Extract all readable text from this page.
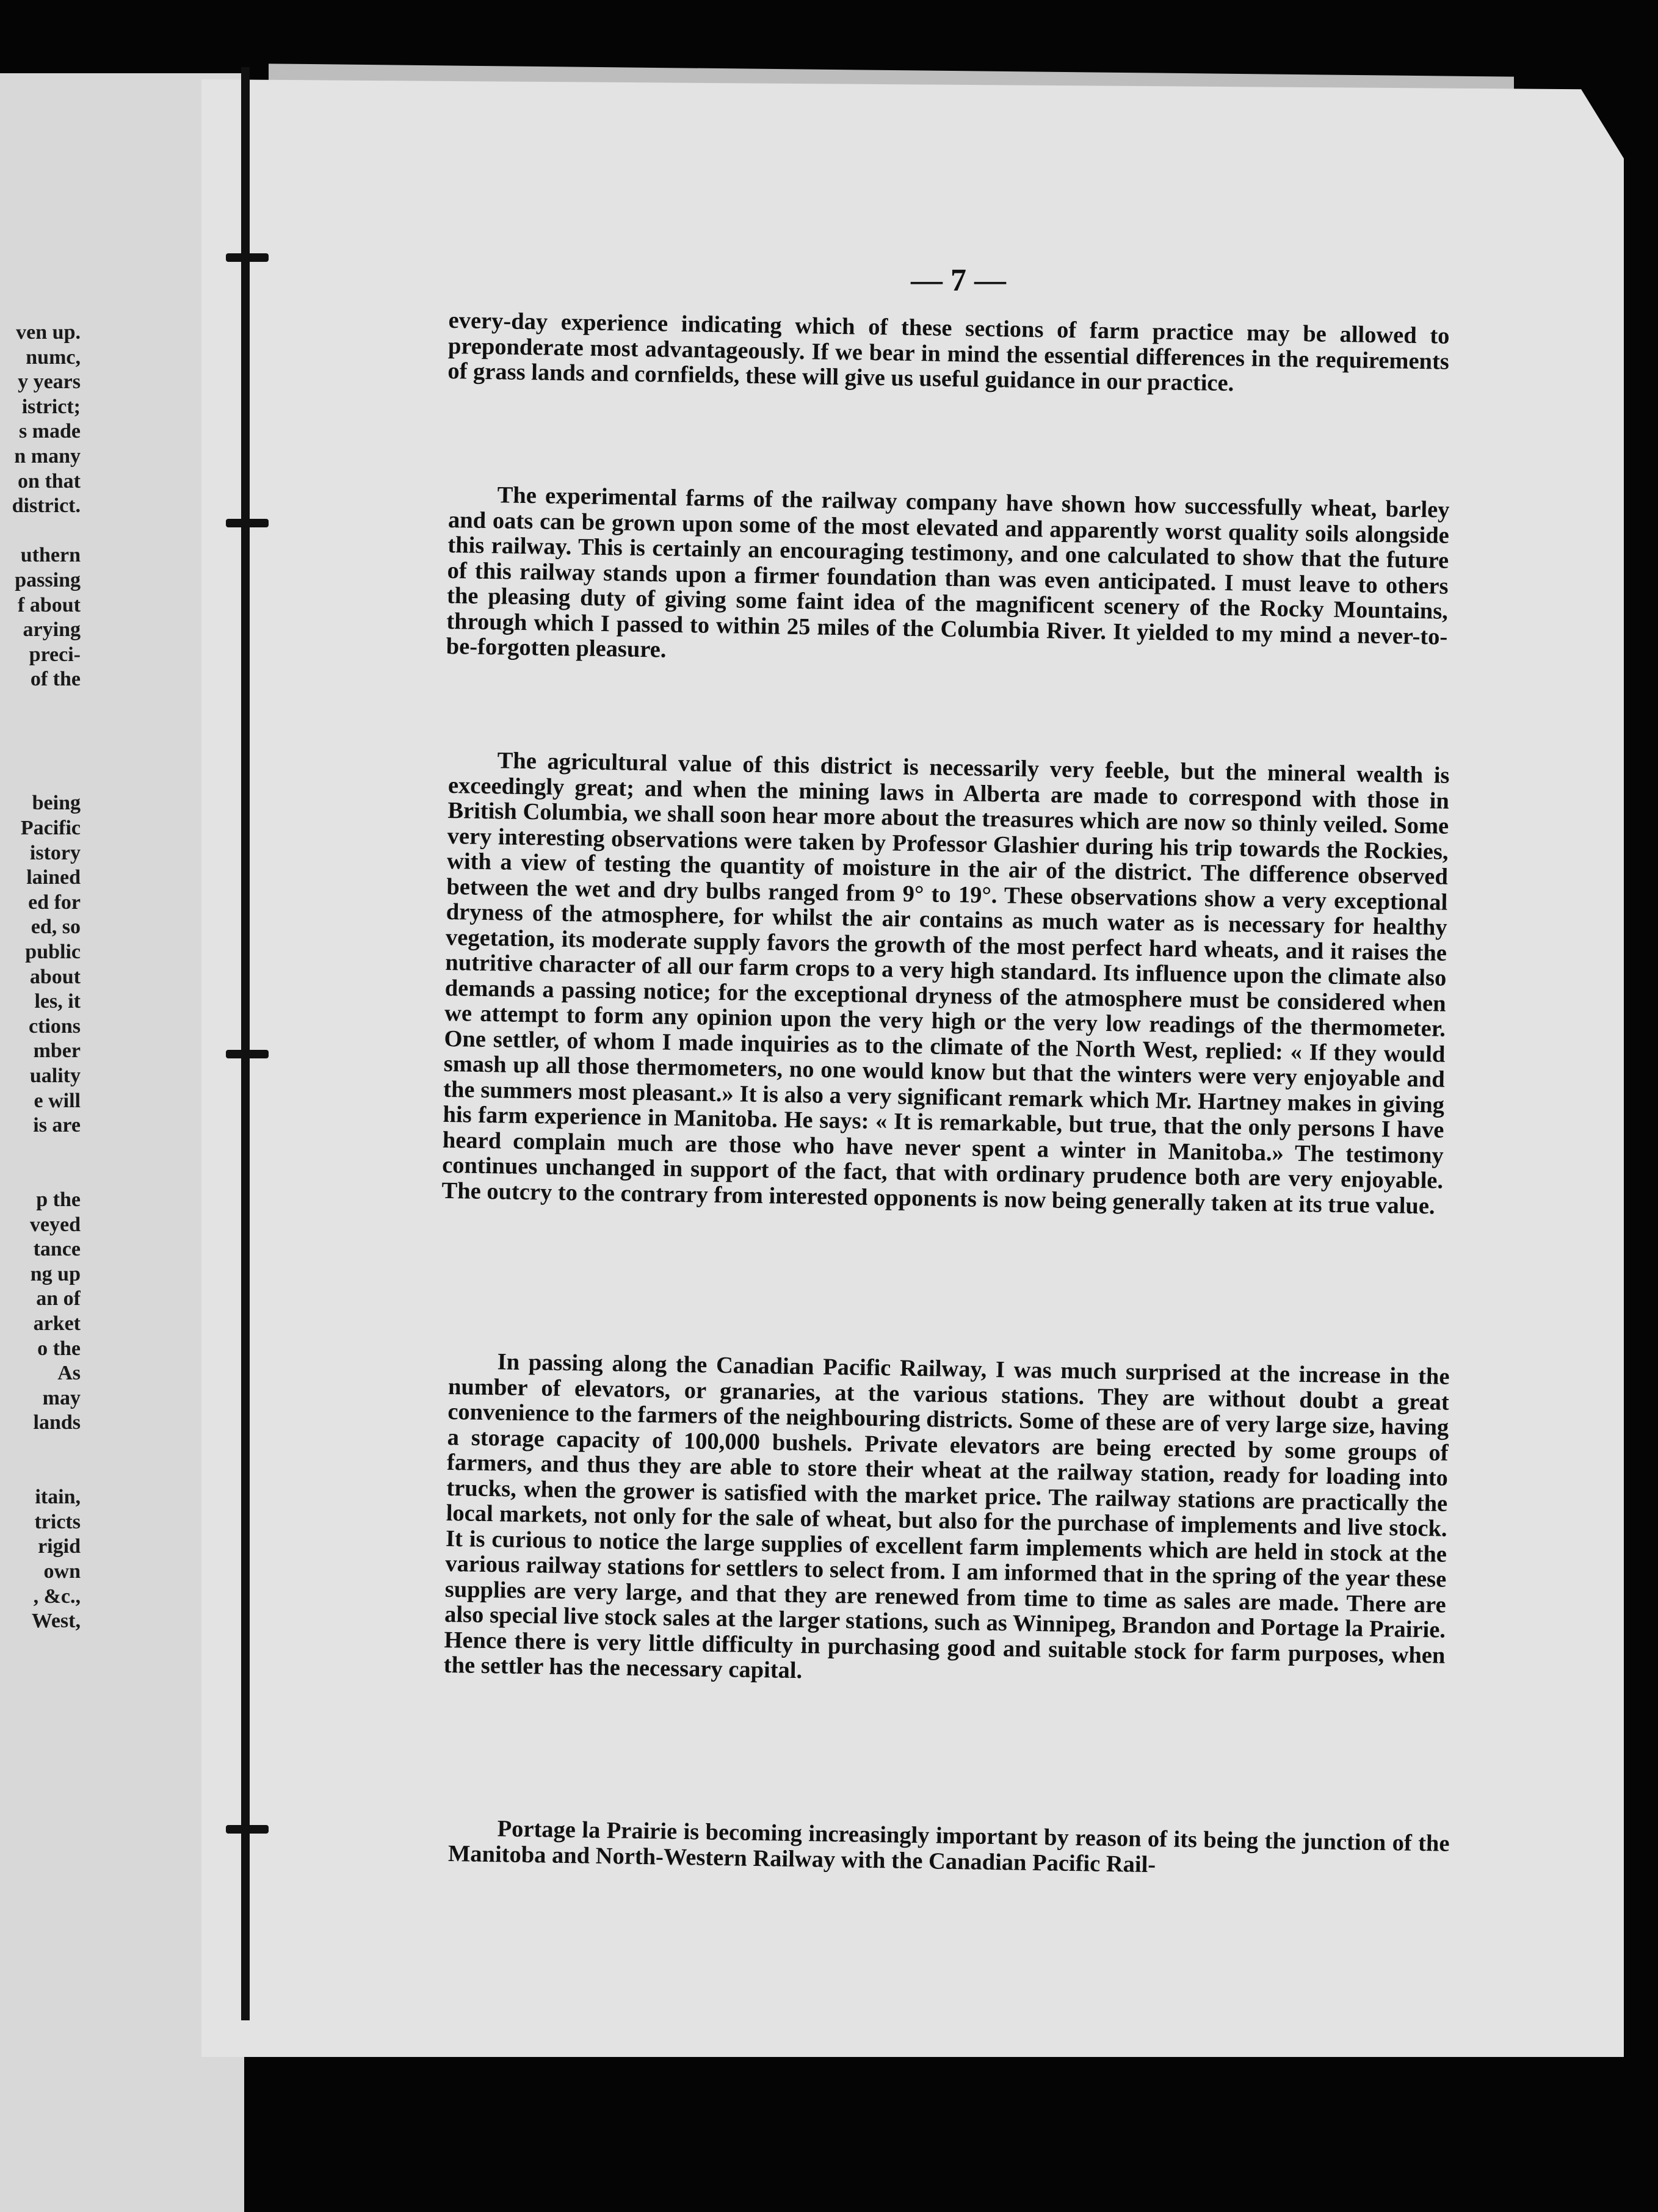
ven up.
numc,
y years
istrict;
s made
n many
on that
district.
uthern
passing
f about
arying
preci-
of the
being
Pacific
istory
lained
ed for
ed, so
public
about
les, it
ctions
mber
uality
e will
is are
p the
veyed
tance
ng up
an of
arket
o the
As
may
lands
itain,
tricts
rigid
own
, &c.,
West,
— 7 —

every-day experience indicating which of these sections of farm practice may be allowed to preponderate most advantageously. If we bear in mind the essential differences in the requirements of grass lands and cornfields, these will give us useful guidance in our practice.

The experimental farms of the railway company have shown how successfully wheat, barley and oats can be grown upon some of the most elevated and apparently worst quality soils alongside this railway. This is certainly an encouraging testimony, and one calculated to show that the future of this railway stands upon a firmer foundation than was even anticipated. I must leave to others the pleasing duty of giving some faint idea of the magnificent scenery of the Rocky Mountains, through which I passed to within 25 miles of the Columbia River. It yielded to my mind a never-to-be-forgotten pleasure.

The agricultural value of this district is necessarily very feeble, but the mineral wealth is exceedingly great; and when the mining laws in Alberta are made to correspond with those in British Columbia, we shall soon hear more about the treasures which are now so thinly veiled. Some very interesting observations were taken by Professor Glashier during his trip towards the Rockies, with a view of testing the quantity of moisture in the air of the district. The difference observed between the wet and dry bulbs ranged from 9° to 19°. These observations show a very exceptional dryness of the atmosphere, for whilst the air contains as much water as is necessary for healthy vegetation, its moderate supply favors the growth of the most perfect hard wheats, and it raises the nutritive character of all our farm crops to a very high standard. Its influence upon the climate also demands a passing notice; for the exceptional dryness of the atmosphere must be considered when we attempt to form any opinion upon the very high or the very low readings of the thermometer. One settler, of whom I made inquiries as to the climate of the North West, replied: « If they would smash up all those thermometers, no one would know but that the winters were very enjoyable and the summers most pleasant.» It is also a very significant remark which Mr. Hartney makes in giving his farm experience in Manitoba. He says: « It is remarkable, but true, that the only persons I have heard complain much are those who have never spent a winter in Manitoba.» The testimony continues unchanged in support of the fact, that with ordinary prudence both are very enjoyable. The outcry to the contrary from interested opponents is now being generally taken at its true value.

In passing along the Canadian Pacific Railway, I was much surprised at the increase in the number of elevators, or granaries, at the various stations. They are without doubt a great convenience to the farmers of the neighbouring districts. Some of these are of very large size, having a storage capacity of 100,000 bushels. Private elevators are being erected by some groups of farmers, and thus they are able to store their wheat at the railway station, ready for loading into trucks, when the grower is satisfied with the market price. The railway stations are practically the local markets, not only for the sale of wheat, but also for the purchase of implements and live stock. It is curious to notice the large supplies of excellent farm implements which are held in stock at the various railway stations for settlers to select from. I am informed that in the spring of the year these supplies are very large, and that they are renewed from time to time as sales are made. There are also special live stock sales at the larger stations, such as Winnipeg, Brandon and Portage la Prairie. Hence there is very little difficulty in purchasing good and suitable stock for farm purposes, when the settler has the necessary capital.

Portage la Prairie is becoming increasingly important by reason of its being the junction of the Manitoba and North-Western Railway with the Canadian Pacific Rail-
